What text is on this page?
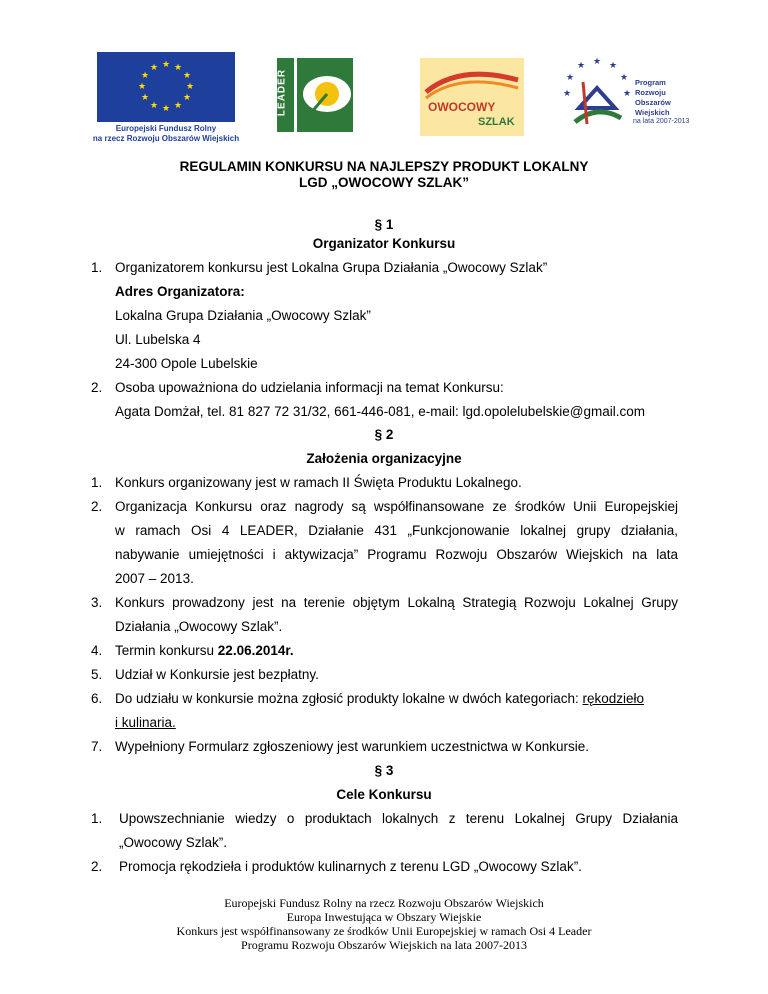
★ ★
★
★
★
★
★
★
★
★
★
★
Europejski Fundusz Rolny
na rzecz Rozwoju Obszarów Wiejskich
LEADER	OWOCOWY
SZLAK
★ ★
★
★
★
★	★
Program
Rozwoju
Obszarów
Wiejskich
na lata 2007-2013
REGULAMIN KONKURSU NA NAJLEPSZY PRODUKT LOKALNY
LGD „OWOCOWY SZLAK”
§ 1
Organizator Konkursu
1. Organizatorem konkursu jest Lokalna Grupa Działania „Owocowy Szlak”
Adres Organizatora:
Lokalna Grupa Działania „Owocowy Szlak”
Ul. Lubelska 4
24-300 Opole Lubelskie
2. Osoba upoważniona do udzielania informacji na temat Konkursu:
Agata Domżał, tel. 81 827 72 31/32, 661-446-081, e-mail: lgd.opolelubelskie@gmail.com
§ 2
Założenia organizacyjne
1. Konkurs organizowany jest w ramach II Święta Produktu Lokalnego.
2. Organizacja Konkursu oraz nagrody są współfinansowane ze środków Unii Europejskiej
w ramach Osi 4 LEADER, Działanie 431 „Funkcjonowanie lokalnej grupy działania,
nabywanie umiejętności i aktywizacja” Programu Rozwoju Obszarów Wiejskich na lata
2007 – 2013.
3. Konkurs prowadzony jest na terenie objętym Lokalną Strategią Rozwoju Lokalnej Grupy
Działania „Owocowy Szlak”.
4. Termin konkursu 22.06.2014r.
5. Udział w Konkursie jest bezpłatny.
6. Do udziału w konkursie można zgłosić produkty lokalne w dwóch kategoriach: rękodzieło
i kulinaria.
7. Wypełniony Formularz zgłoszeniowy jest warunkiem uczestnictwa w Konkursie.
§ 3
Cele Konkursu
1. Upowszechnianie wiedzy o produktach lokalnych z terenu Lokalnej Grupy Działania
„Owocowy Szlak”.
2. Promocja rękodzieła i produktów kulinarnych z terenu LGD „Owocowy Szlak”.
Europejski Fundusz Rolny na rzecz Rozwoju Obszarów Wiejskich
Europa Inwestująca w Obszary Wiejskie
Konkurs jest współfinansowany ze środków Unii Europejskiej w ramach Osi 4 Leader
Programu Rozwoju Obszarów Wiejskich na lata 2007-2013
